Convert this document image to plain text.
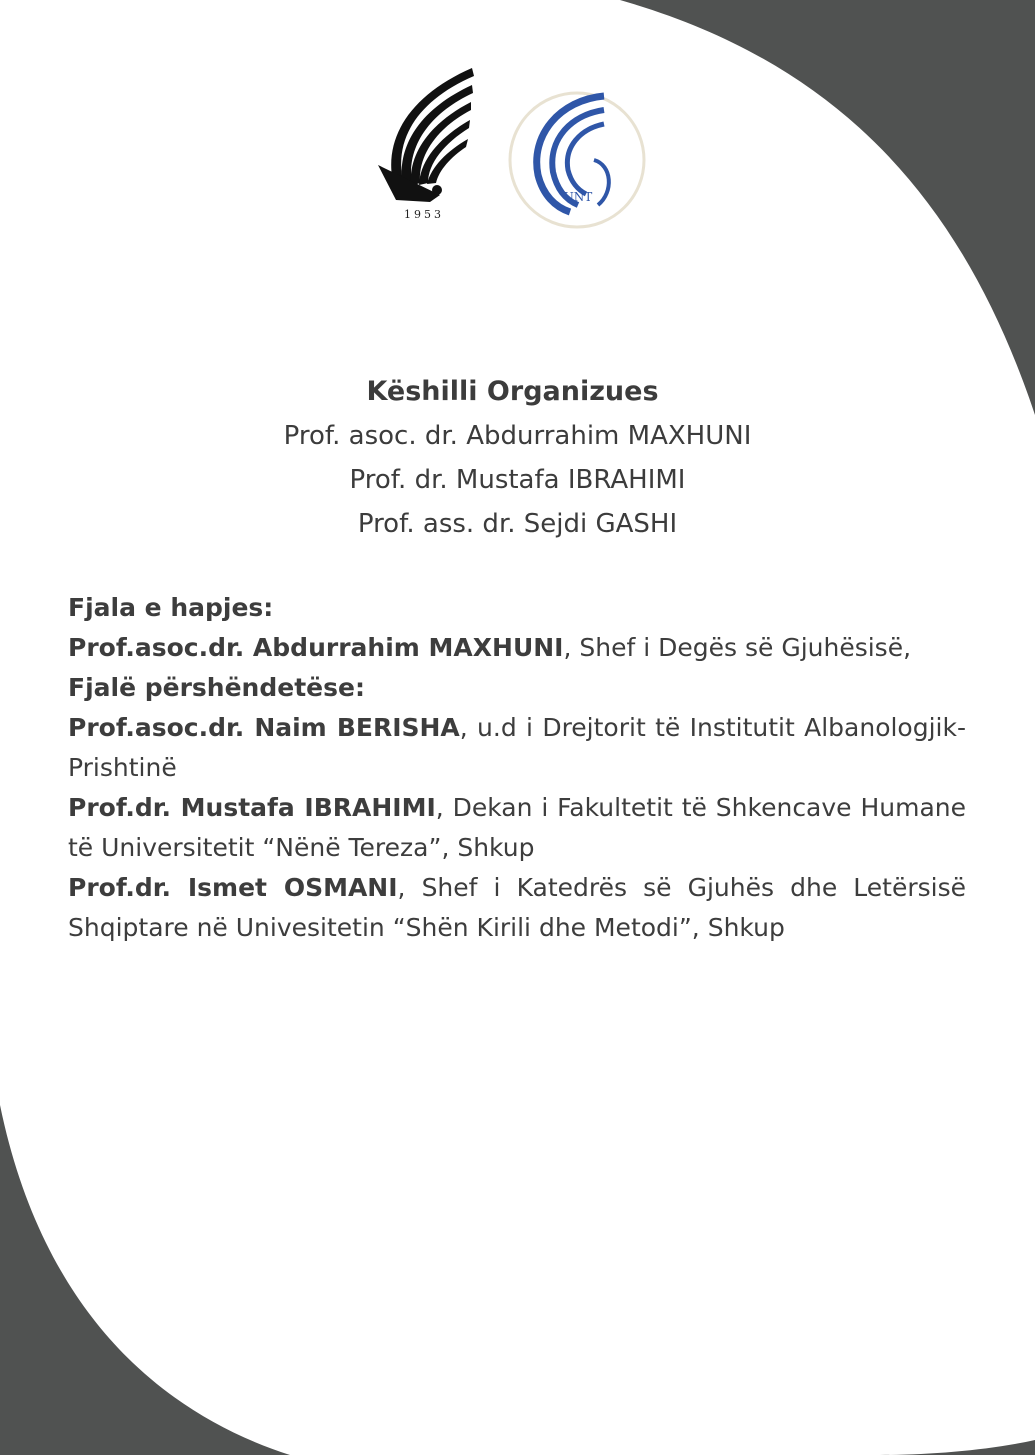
1953
UNT
Këshilli Organizues
Prof. asoc. dr. Abdurrahim MAXHUNI
Prof. dr. Mustafa IBRAHIMI
Prof. ass. dr. Sejdi GASHI

Fjala e hapjes:

Prof.asoc.dr. Abdurrahim MAXHUNI, Shef i Degës së Gjuhësisë,

Fjalë përshëndetëse:

Prof.asoc.dr. Naim BERISHA, u.d i Drejtorit të Institutit Albanologjik-Prishtinë

Prof.dr. Mustafa IBRAHIMI, Dekan i Fakultetit të Shkencave Humane të Universitetit “Nënë Tereza”, Shkup

Prof.dr. Ismet OSMANI, Shef i Katedrës së Gjuhës dhe Letërsisë Shqiptare në Univesitetin “Shën Kirili dhe Metodi”, Shkup
